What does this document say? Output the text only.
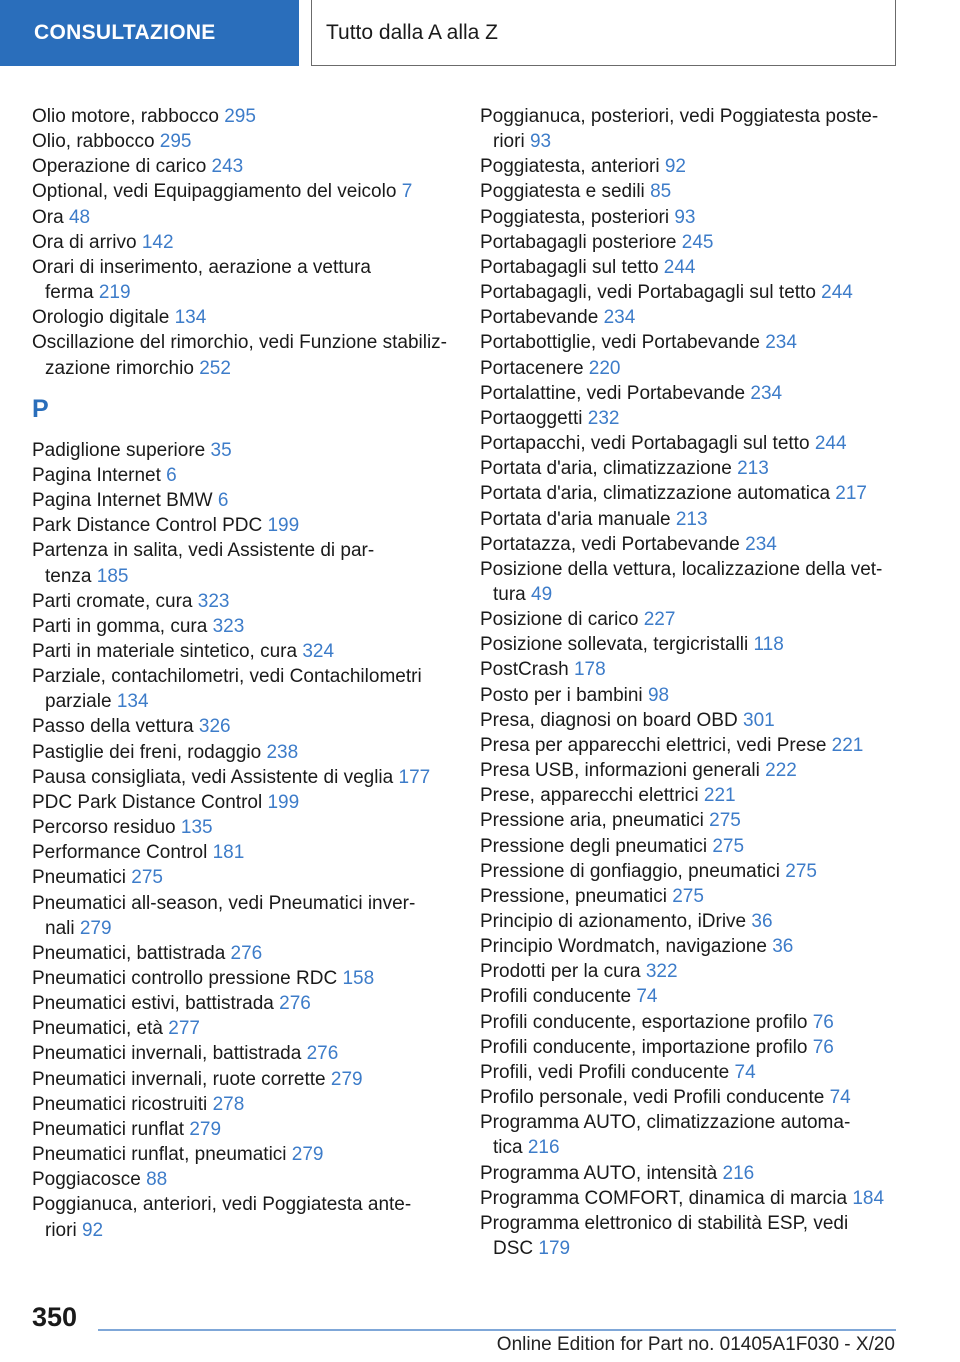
CONSULTAZIONE	Tutto dalla A alla Z

Olio motore, rabbocco 295

Olio, rabbocco 295

Operazione di carico 243

Optional, vedi Equipaggiamento del veicolo 7

Ora 48

Ora di arrivo 142

Orari di inserimento, aerazione a vettura
ferma 219

Orologio digitale 134

Oscillazione del rimorchio, vedi Funzione stabiliz-
zazione rimorchio 252

P

Padiglione superiore 35

Pagina Internet 6

Pagina Internet BMW 6

Park Distance Control PDC 199

Partenza in salita, vedi Assistente di par-
tenza 185

Parti cromate, cura 323

Parti in gomma, cura 323

Parti in materiale sintetico, cura 324

Parziale, contachilometri, vedi Contachilometri
parziale 134

Passo della vettura 326

Pastiglie dei freni, rodaggio 238

Pausa consigliata, vedi Assistente di veglia 177

PDC Park Distance Control 199

Percorso residuo 135

Performance Control 181

Pneumatici 275

Pneumatici all-season, vedi Pneumatici inver-
nali 279

Pneumatici, battistrada 276

Pneumatici controllo pressione RDC 158

Pneumatici estivi, battistrada 276

Pneumatici, età 277

Pneumatici invernali, battistrada 276

Pneumatici invernali, ruote corrette 279

Pneumatici ricostruiti 278

Pneumatici runflat 279

Pneumatici runflat, pneumatici 279

Poggiacosce 88

Poggianuca, anteriori, vedi Poggiatesta ante-
riori 92

Poggianuca, posteriori, vedi Poggiatesta poste-
riori 93

Poggiatesta, anteriori 92

Poggiatesta e sedili 85

Poggiatesta, posteriori 93

Portabagagli posteriore 245

Portabagagli sul tetto 244

Portabagagli, vedi Portabagagli sul tetto 244

Portabevande 234

Portabottiglie, vedi Portabevande 234

Portacenere 220

Portalattine, vedi Portabevande 234

Portaoggetti 232

Portapacchi, vedi Portabagagli sul tetto 244

Portata d'aria, climatizzazione 213

Portata d'aria, climatizzazione automatica 217

Portata d'aria manuale 213

Portatazza, vedi Portabevande 234

Posizione della vettura, localizzazione della vet-
tura 49

Posizione di carico 227

Posizione sollevata, tergicristalli 118

PostCrash 178

Posto per i bambini 98

Presa, diagnosi on board OBD 301

Presa per apparecchi elettrici, vedi Prese 221

Presa USB, informazioni generali 222

Prese, apparecchi elettrici 221

Pressione aria, pneumatici 275

Pressione degli pneumatici 275

Pressione di gonfiaggio, pneumatici 275

Pressione, pneumatici 275

Principio di azionamento, iDrive 36

Principio Wordmatch, navigazione 36

Prodotti per la cura 322

Profili conducente 74

Profili conducente, esportazione profilo 76

Profili conducente, importazione profilo 76

Profili, vedi Profili conducente 74

Profilo personale, vedi Profili conducente 74

Programma AUTO, climatizzazione automa-
tica 216

Programma AUTO, intensità 216

Programma COMFORT, dinamica di marcia 184

Programma elettronico di stabilità ESP, vedi
DSC 179

350
Online Edition for Part no. 01405A1F030 - X/20
